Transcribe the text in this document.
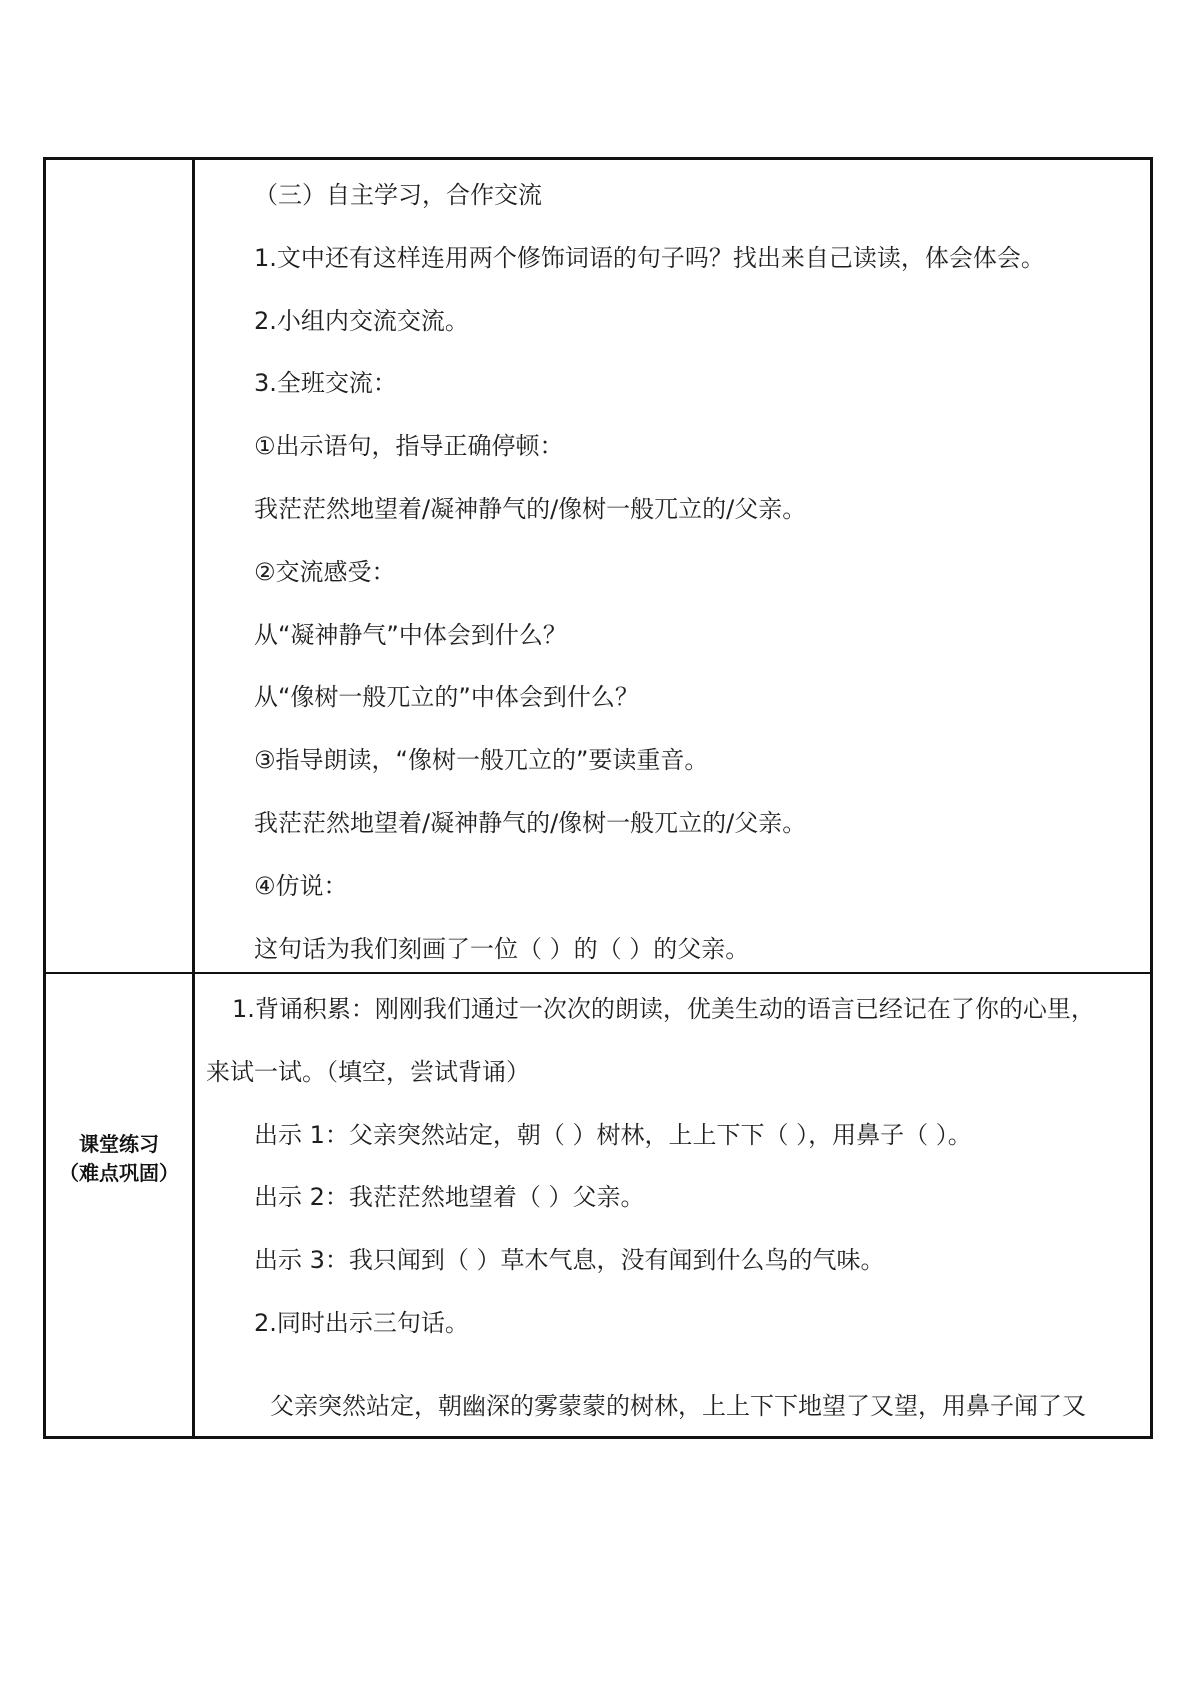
（三）自主学习，合作交流
1.文中还有这样连用两个修饰词语的句子吗？找出来自己读读，体会体会。
2.小组内交流交流。
3.全班交流：
①出示语句，指导正确停顿：
我茫茫然地望着/凝神静气的/像树一般兀立的/父亲。
②交流感受：
从“凝神静气”中体会到什么？
从“像树一般兀立的”中体会到什么？
③指导朗读，“像树一般兀立的”要读重音。
我茫茫然地望着/凝神静气的/像树一般兀立的/父亲。
④仿说：
这句话为我们刻画了一位（ ）的（ ）的父亲。
课堂练习
（难点巩固）
1.背诵积累：刚刚我们通过一次次的朗读，优美生动的语言已经记在了你的心里，
来试一试。（填空，尝试背诵）
出示 1：父亲突然站定，朝（ ）树林，上上下下（ ），用鼻子（ ）。
出示 2：我茫茫然地望着（ ）父亲。
出示 3：我只闻到（ ）草木气息，没有闻到什么鸟的气味。
2.同时出示三句话。
父亲突然站定，朝幽深的雾蒙蒙的树林，上上下下地望了又望，用鼻子闻了又
